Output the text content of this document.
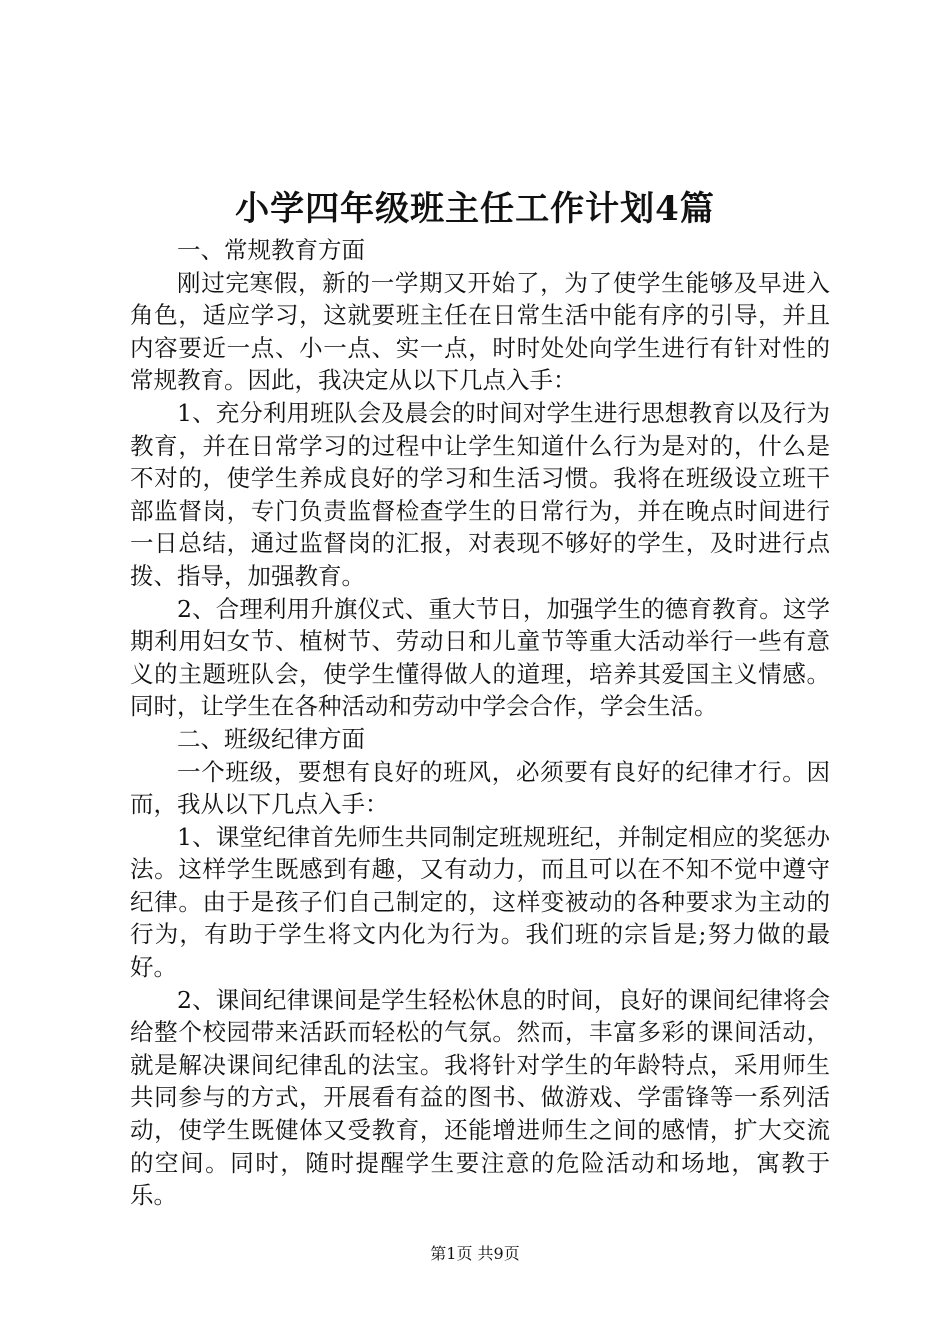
小学四年级班主任工作计划4篇

一、常规教育方面

刚过完寒假，新的一学期又开始了，为了使学生能够及早进入角色，适应学习，这就要班主任在日常生活中能有序的引导，并且内容要近一点、小一点、实一点，时时处处向学生进行有针对性的常规教育。因此，我决定从以下几点入手：

1、充分利用班队会及晨会的时间对学生进行思想教育以及行为教育，并在日常学习的过程中让学生知道什么行为是对的，什么是不对的，使学生养成良好的学习和生活习惯。我将在班级设立班干部监督岗，专门负责监督检查学生的日常行为，并在晚点时间进行一日总结，通过监督岗的汇报，对表现不够好的学生，及时进行点拨、指导，加强教育。

2、合理利用升旗仪式、重大节日，加强学生的德育教育。这学期利用妇女节、植树节、劳动日和儿童节等重大活动举行一些有意义的主题班队会，使学生懂得做人的道理，培养其爱国主义情感。同时，让学生在各种活动和劳动中学会合作，学会生活。

二、班级纪律方面

一个班级，要想有良好的班风，必须要有良好的纪律才行。因而，我从以下几点入手：

1、课堂纪律首先师生共同制定班规班纪，并制定相应的奖惩办法。这样学生既感到有趣，又有动力，而且可以在不知不觉中遵守纪律。由于是孩子们自己制定的，这样变被动的各种要求为主动的行为，有助于学生将文内化为行为。我们班的宗旨是;努力做的最好。

2、课间纪律课间是学生轻松休息的时间，良好的课间纪律将会给整个校园带来活跃而轻松的气氛。然而，丰富多彩的课间活动，就是解决课间纪律乱的法宝。我将针对学生的年龄特点，采用师生共同参与的方式，开展看有益的图书、做游戏、学雷锋等一系列活动，使学生既健体又受教育，还能增进师生之间的感情，扩大交流的空间。同时，随时提醒学生要注意的危险活动和场地，寓教于乐。

第1页 共9页
